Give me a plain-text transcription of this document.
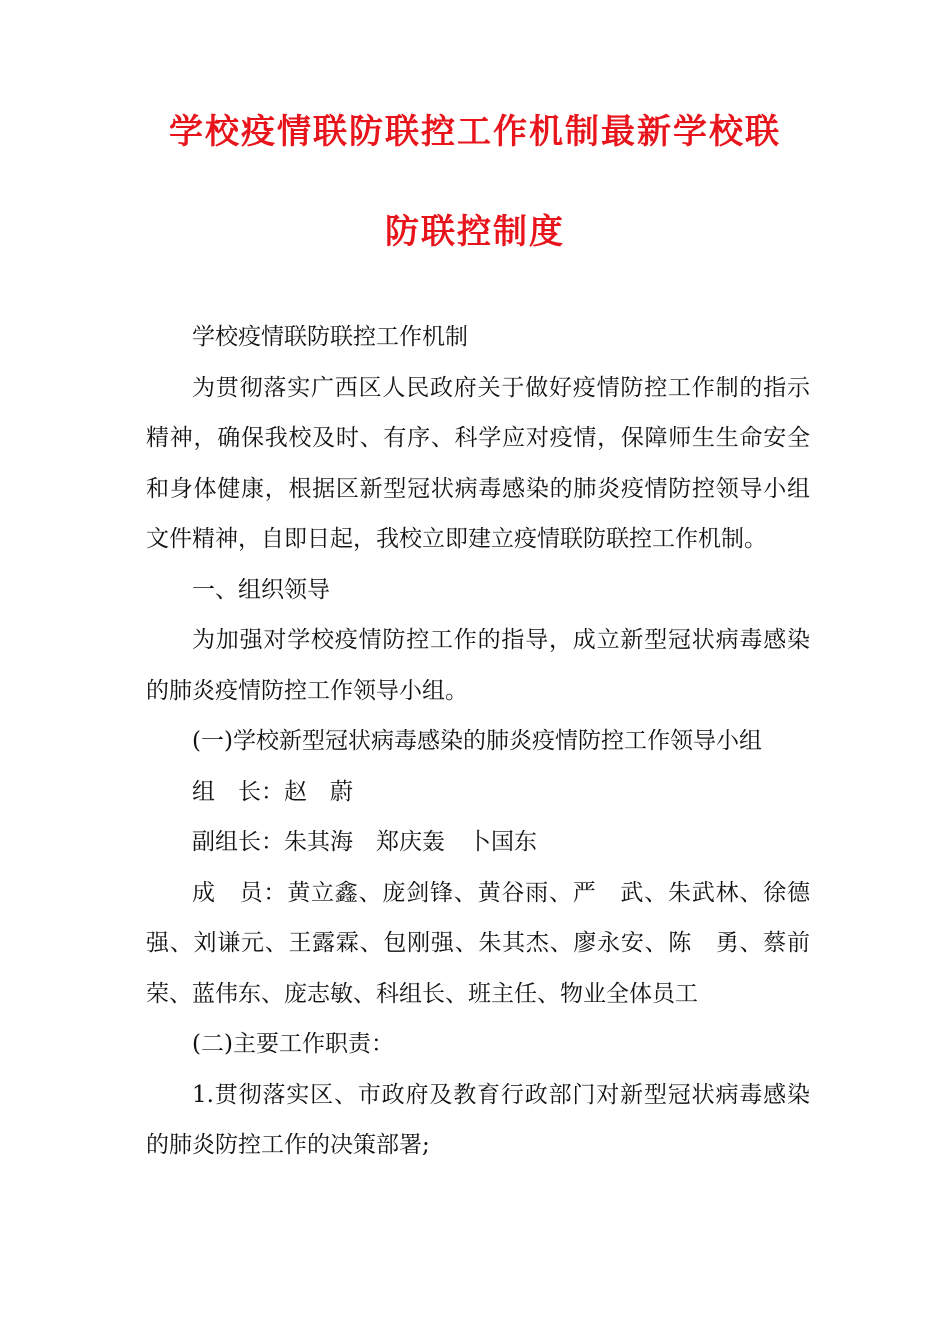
学校疫情联防联控工作机制最新学校联
防联控制度

学校疫情联防联控工作机制

为贯彻落实广西区人民政府关于做好疫情防控工作制的指示精神，确保我校及时、有序、科学应对疫情，保障师生生命安全和身体健康，根据区新型冠状病毒感染的肺炎疫情防控领导小组文件精神，自即日起，我校立即建立疫情联防联控工作机制。

一、组织领导

为加强对学校疫情防控工作的指导，成立新型冠状病毒感染的肺炎疫情防控工作领导小组。

(一)学校新型冠状病毒感染的肺炎疫情防控工作领导小组

组　长：赵　蔚

副组长：朱其海　郑庆轰　卜国东

成　员：黄立鑫、庞剑锋、黄谷雨、严　武、朱武林、徐德强、刘谦元、王露霖、包刚强、朱其杰、廖永安、陈　勇、蔡前荣、蓝伟东、庞志敏、科组长、班主任、物业全体员工

(二)主要工作职责：

1.贯彻落实区、市政府及教育行政部门对新型冠状病毒感染的肺炎防控工作的决策部署;
